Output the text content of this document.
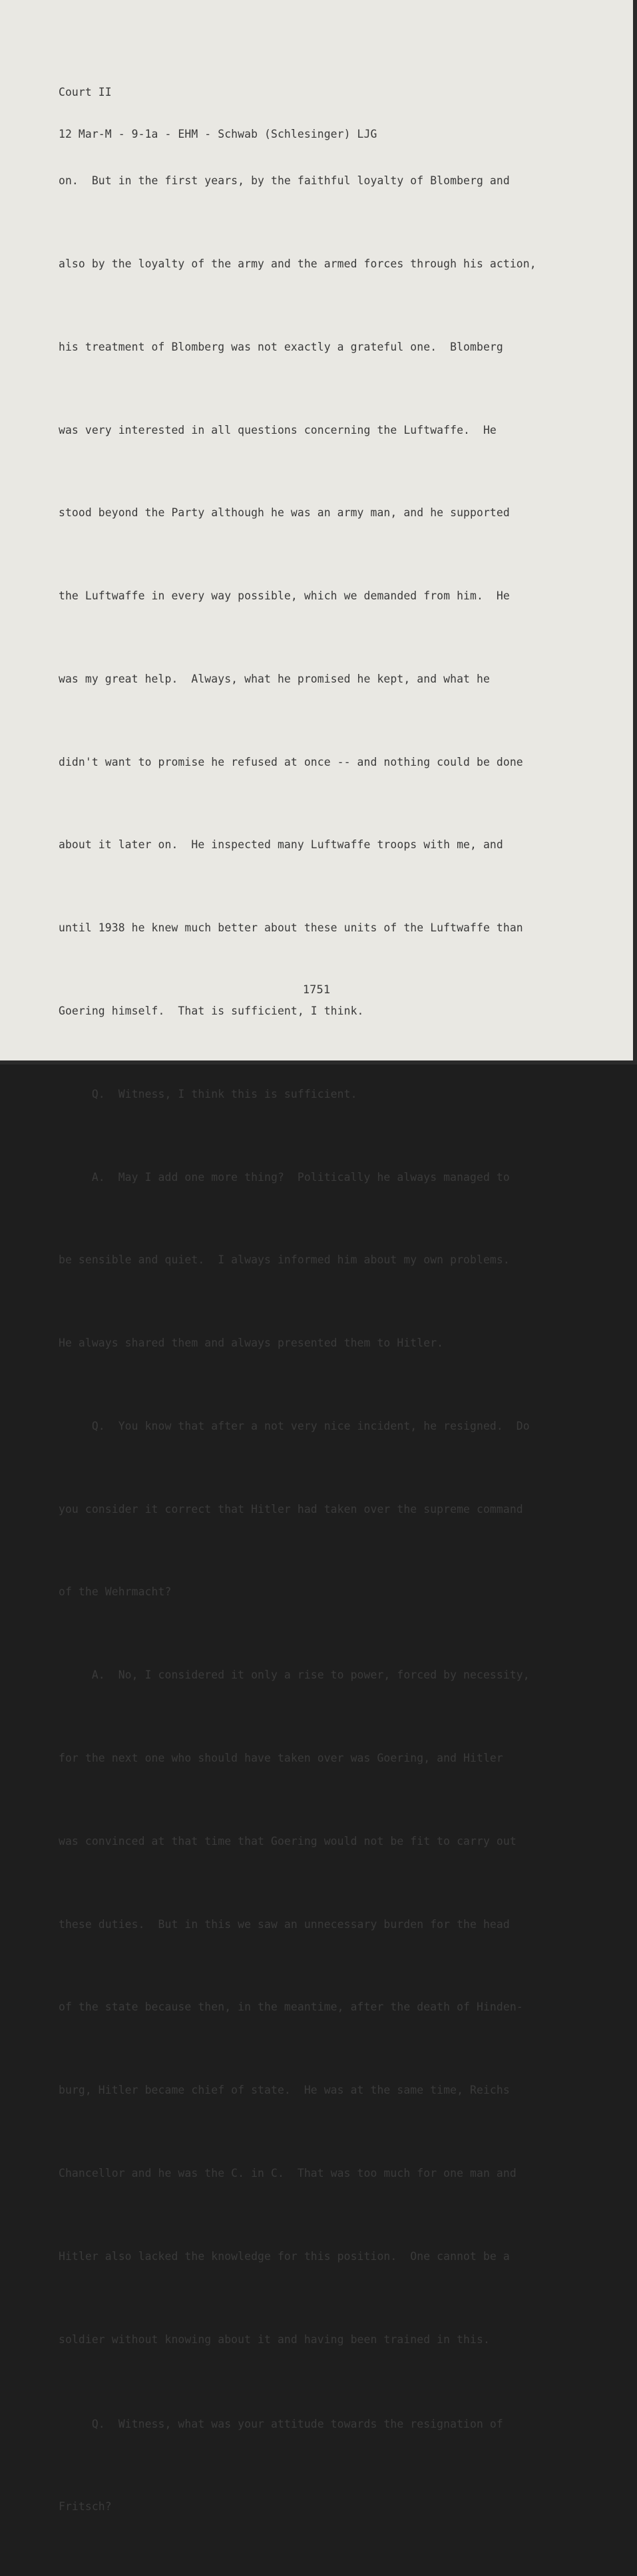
Court II

12 Mar-M - 9-1a - EHM - Schwab (Schlesinger) LJG

on.  But in the first years, by the faithful loyalty of Blomberg and

also by the loyalty of the army and the armed forces through his action,

his treatment of Blomberg was not exactly a grateful one.  Blomberg

was very interested in all questions concerning the Luftwaffe.  He

stood beyond the Party although he was an army man, and he supported

the Luftwaffe in every way possible, which we demanded from him.  He

was my great help.  Always, what he promised he kept, and what he

didn't want to promise he refused at once -- and nothing could be done

about it later on.  He inspected many Luftwaffe troops with me, and

until 1938 he knew much better about these units of the Luftwaffe than

Goering himself.  That is sufficient, I think.

Q.  Witness, I think this is sufficient.

A.  May I add one more thing?  Politically he always managed to

be sensible and quiet.  I always informed him about my own problems.

He always shared them and always presented them to Hitler.

Q.  You know that after a not very nice incident, he resigned.  Do

you consider it correct that Hitler had taken over the supreme command

of the Wehrmacht?

A.  No, I considered it only a rise to power, forced by necessity,

for the next one who should have taken over was Goering, and Hitler

was convinced at that time that Goering would not be fit to carry out

these duties.  But in this we saw an unnecessary burden for the head

of the state because then, in the meantime, after the death of Hinden-

burg, Hitler became chief of state.  He was at the same time, Reichs

Chancellor and he was the C. in C.  That was too much for one man and

Hitler also lacked the knowledge for this position.  One cannot be a

soldier without knowing about it and having been trained in this.

Q.  Witness, what was your attitude towards the resignation of

Fritsch?

1751
